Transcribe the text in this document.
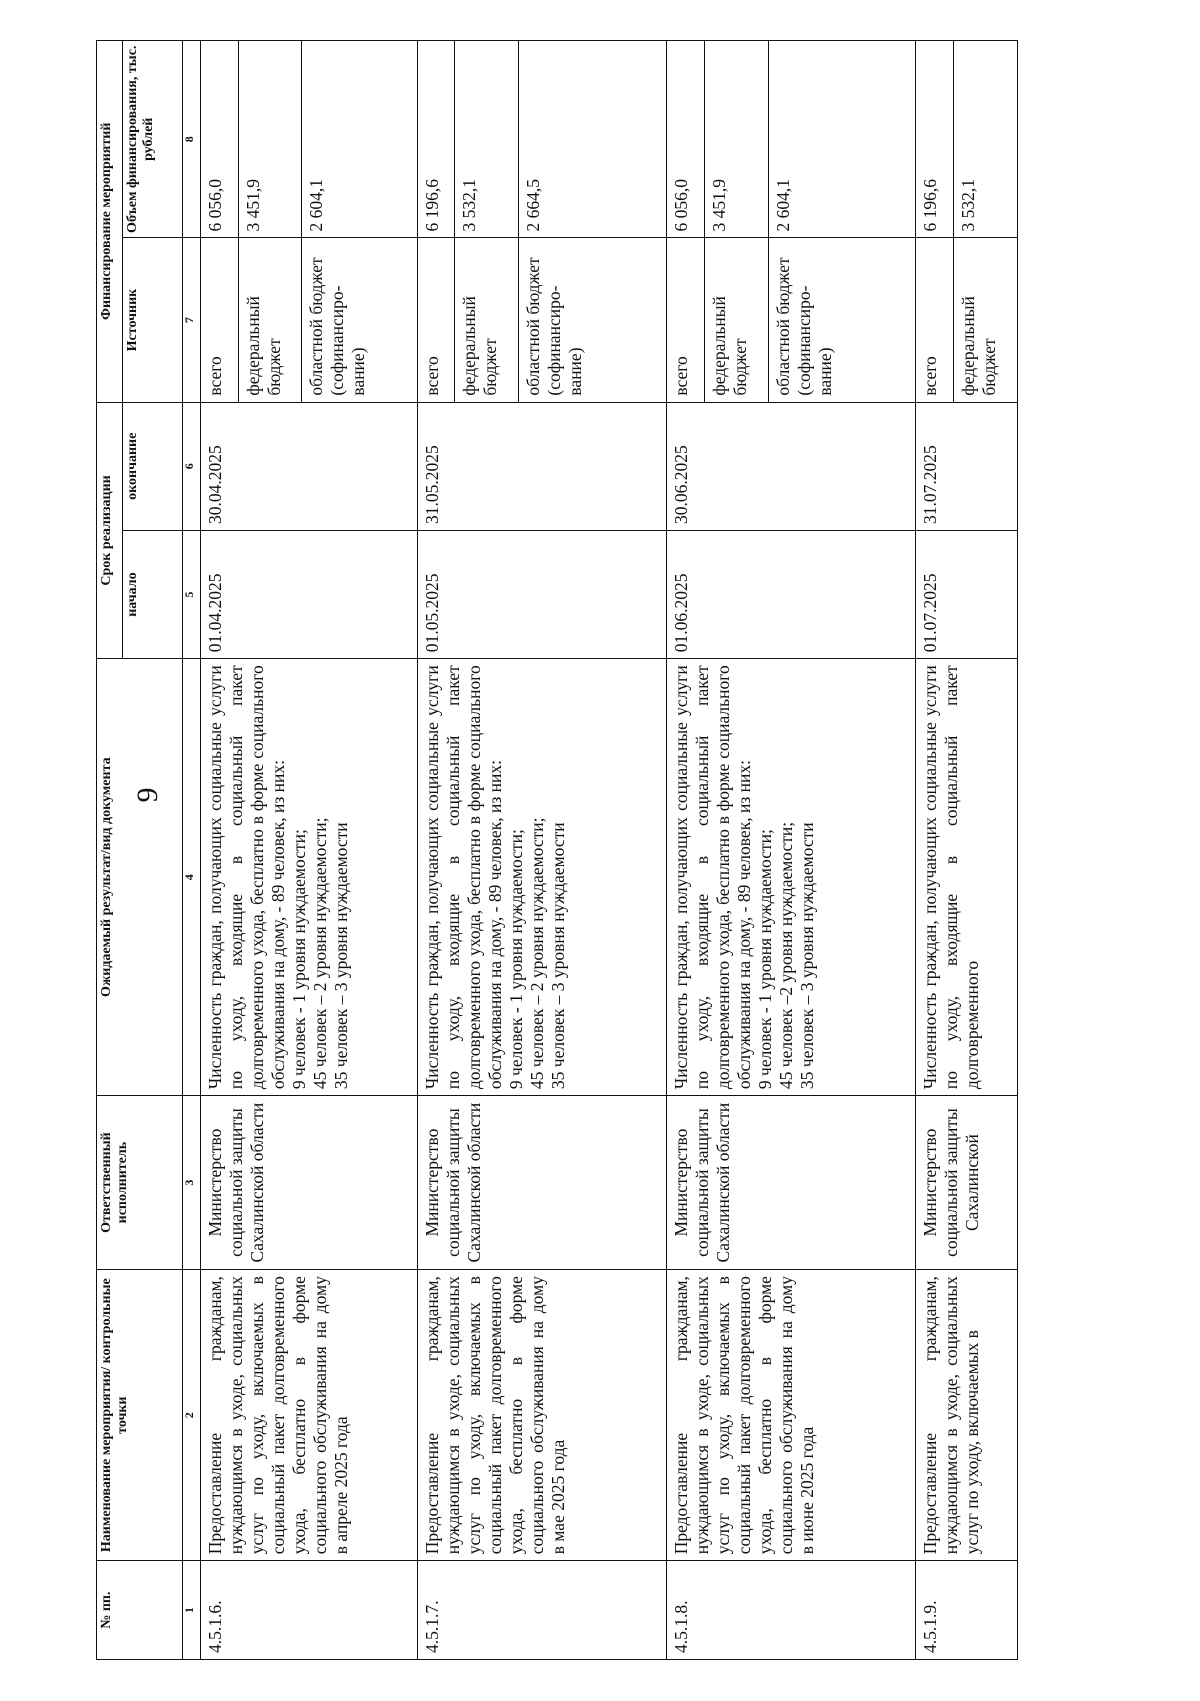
9
№ пп.	Наименование мероприятия/ контрольные точки	Ответственный исполнитель	Ожидаемый результат/вид документа	Срок реализации		Финансирование мероприятий	
				начало	окончание	Источник	Объем финансирования, тыс. рублей
1	2	3	4	5	6	7	8
4.5.1.6.	Предоставление гражданам, нуждающимся в уходе, социальных услуг по уходу, включаемых в социальный пакет долговременного ухода, бесплатно в форме социального обслуживания на дому в апреле 2025 года	Министерство социальной защиты Сахалинской области	Численность граждан, получающих социальные услуги по уходу, входящие в социальный пакет долговременного ухода, бесплатно в форме социального обслуживания на дому, - 89 человек, из них: 9 человек - 1 уровня нуждаемости; 45 человек – 2 уровня нуждаемости; 35 человек – 3 уровня нуждаемости	01.04.2025	30.04.2025	всего	6 056,0
						федеральный бюджет	3 451,9
						областной бюджет (софинансиро-вание)	2 604,1
4.5.1.7.	Предоставление гражданам, нуждающимся в уходе, социальных услуг по уходу, включаемых в социальный пакет долговременного ухода, бесплатно в форме социального обслуживания на дому в мае 2025 года	Министерство социальной защиты Сахалинской области	Численность граждан, получающих социальные услуги по уходу, входящие в социальный пакет долговременного ухода, бесплатно в форме социального обслуживания на дому, - 89 человек, из них: 9 человек - 1 уровня нуждаемости; 45 человек – 2 уровня нуждаемости; 35 человек – 3 уровня нуждаемости	01.05.2025	31.05.2025	всего	6 196,6
						федеральный бюджет	3 532,1
						областной бюджет (софинансиро-вание)	2 664,5
4.5.1.8.	Предоставление гражданам, нуждающимся в уходе, социальных услуг по уходу, включаемых в социальный пакет долговременного ухода, бесплатно в форме социального обслуживания на дому в июне 2025 года	Министерство социальной защиты Сахалинской области	Численность граждан, получающих социальные услуги по уходу, входящие в социальный пакет долговременного ухода, бесплатно в форме социального обслуживания на дому, - 89 человек, из них: 9 человек - 1 уровня нуждаемости; 45 человек –2 уровня нуждаемости; 35 человек – 3 уровня нуждаемости	01.06.2025	30.06.2025	всего	6 056,0
						федеральный бюджет	3 451,9
						областной бюджет (софинансиро-вание)	2 604,1
4.5.1.9.	Предоставление гражданам, нуждающимся в уходе, социальных услуг по уходу, включаемых в	Министерство социальной защиты Сахалинской	Численность граждан, получающих социальные услуги по уходу, входящие в социальный пакет долговременного	01.07.2025	31.07.2025	всего	6 196,6
						федеральный бюджет	3 532,1
